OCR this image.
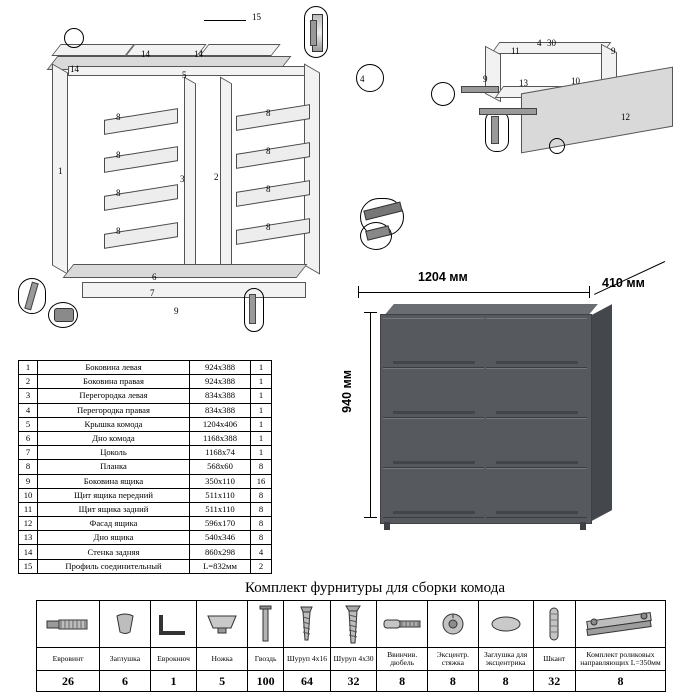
15
14
14	14
5
1
8
8
8
8
8
8
8
8
3	2
7
6
9
4
11
9
9
13	10
12
30
4
1204 мм	410 мм
940 мм
1	Боковина левая	924х388	1
2	Боковина правая	924х388	1
3	Перегородка левая	834х388	1
4	Перегородка правая	834х388	1
5	Крышка комода	1204х406	1
6	Дно комода	1168х388	1
7	Цоколь	1168х74	1
8	Планка	568х60	8
9	Боковина ящика	350х110	16
10	Щит ящика передний	511х110	8
11	Щит ящика задний	511х110	8
12	Фасад ящика	596х170	8
13	Дно ящика	540х346	8
14	Стенка задняя	860х298	4
15	Профиль соединительный	L=832мм	2
Комплект фурнитуры для сборки комода

Евровинт	Заглушка	Еврокнюч	Ножка	Гвоздь	Шуруп 4х16	Шуруп 4х30	Ввинчив. дюбель	Эксцентр. стяжка	Заглушка для эксцентрика	Шкант	Комплект роликовых направляющих L=350мм
26	6	1	5	100	64	32	8	8	8	32	8
